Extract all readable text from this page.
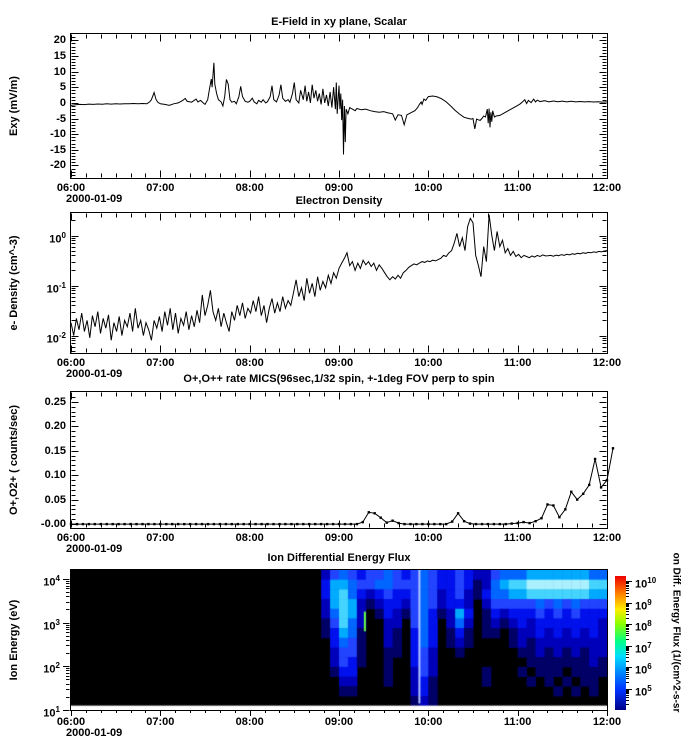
E-Field in xy plane, Scalar
Electron Density
O+,O++ rate MICS(96sec,1/32 spin, +-1deg FOV perp to spin
Ion Differential Energy Flux
Exy (mV/m)
e- Density (cm^-3)
O+,O2+ ( counts/sec)
Ion Energy (eV)	on Diff. Energy Flux (1/(cm^2-s-sr
2000-01-09
2000-01-09
2000-01-09
2000-01-09
06:00	07:00	08:00	09:00	10:00	11:00	12:00
20
15
10
5
0
-5
-10
-15
-20
06:00	07:00	08:00	09:00	10:00	11:00	12:00
$10^0$
$10^{-1}$
$10^{-2}$
06:00	07:00	08:00	09:00	10:00	11:00	12:00
0.25
0.20
0.15
0.10
0.05
-0.00
06:00	07:00	08:00	09:00	10:00	11:00	12:00
$10^4$
$10^3$
$10^2$
$10^1$
$10^{10}$
$10^9$
$10^8$
$10^7$
$10^6$
$10^5$
